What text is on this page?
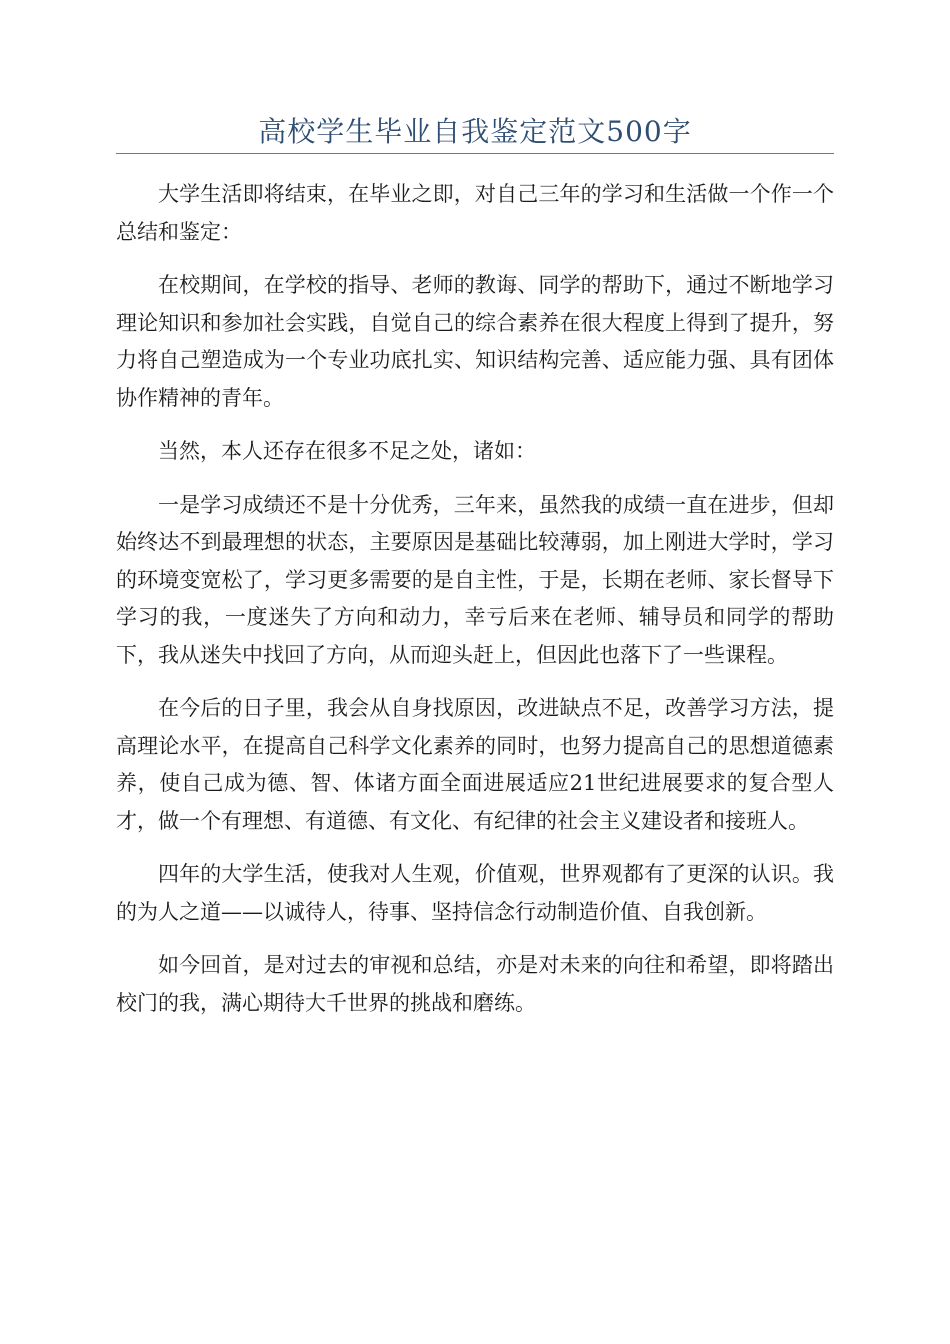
高校学生毕业自我鉴定范文500字

大学生活即将结束，在毕业之即，对自己三年的学习和生活做一个作一个总结和鉴定：

在校期间，在学校的指导、老师的教诲、同学的帮助下，通过不断地学习理论知识和参加社会实践，自觉自己的综合素养在很大程度上得到了提升，努力将自己塑造成为一个专业功底扎实、知识结构完善、适应能力强、具有团体协作精神的青年。

当然，本人还存在很多不足之处，诸如：

一是学习成绩还不是十分优秀，三年来，虽然我的成绩一直在进步，但却始终达不到最理想的状态，主要原因是基础比较薄弱，加上刚进大学时，学习的环境变宽松了，学习更多需要的是自主性，于是，长期在老师、家长督导下学习的我，一度迷失了方向和动力，幸亏后来在老师、辅导员和同学的帮助下，我从迷失中找回了方向，从而迎头赶上，但因此也落下了一些课程。

在今后的日子里，我会从自身找原因，改进缺点不足，改善学习方法，提高理论水平，在提高自己科学文化素养的同时，也努力提高自己的思想道德素养，使自己成为德、智、体诸方面全面进展适应21世纪进展要求的复合型人才，做一个有理想、有道德、有文化、有纪律的社会主义建设者和接班人。

四年的大学生活，使我对人生观，价值观，世界观都有了更深的认识。我的为人之道——以诚待人，待事、坚持信念行动制造价值、自我创新。

如今回首，是对过去的审视和总结，亦是对未来的向往和希望，即将踏出校门的我，满心期待大千世界的挑战和磨练。
